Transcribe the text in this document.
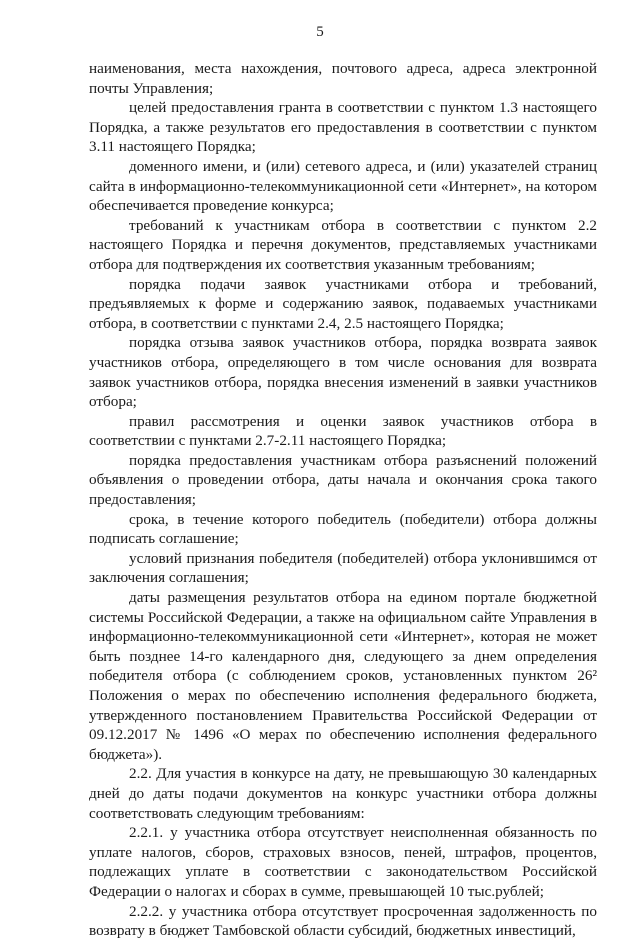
5

наименования, места нахождения, почтового адреса, адреса электронной почты Управления;

целей предоставления гранта в соответствии с пунктом 1.3 настоящего Порядка, а также результатов его предоставления в соответствии с пунктом 3.11 настоящего Порядка;

доменного имени, и (или) сетевого адреса, и (или) указателей страниц сайта в информационно-телекоммуникационной сети «Интернет», на котором обеспечивается проведение конкурса;

требований к участникам отбора в соответствии с пунктом 2.2 настоящего Порядка и перечня документов, представляемых участниками отбора для подтверждения их соответствия указанным требованиям;

порядка подачи заявок участниками отбора и требований, предъявляемых к форме и содержанию заявок, подаваемых участниками отбора, в соответствии с пунктами 2.4, 2.5 настоящего Порядка;

порядка отзыва заявок участников отбора, порядка возврата заявок участников отбора, определяющего в том числе основания для возврата заявок участников отбора, порядка внесения изменений в заявки участников отбора;

правил рассмотрения и оценки заявок участников отбора в соответствии с пунктами 2.7-2.11 настоящего Порядка;

порядка предоставления участникам отбора разъяснений положений объявления о проведении отбора, даты начала и окончания срока такого предоставления;

срока, в течение которого победитель (победители) отбора должны подписать соглашение;

условий признания победителя (победителей) отбора уклонившимся от заключения соглашения;

даты размещения результатов отбора на едином портале бюджетной системы Российской Федерации, а также на официальном сайте Управления в информационно-телекоммуникационной сети «Интернет», которая не может быть позднее 14-го календарного дня, следующего за днем определения победителя отбора (с соблюдением сроков, установленных пунктом 26² Положения о мерах по обеспечению исполнения федерального бюджета, утвержденного постановлением Правительства Российской Федерации от 09.12.2017 № 1496 «О мерах по обеспечению исполнения федерального бюджета»).

2.2. Для участия в конкурсе на дату, не превышающую 30 календарных дней до даты подачи документов на конкурс участники отбора должны соответствовать следующим требованиям:

2.2.1. у участника отбора отсутствует неисполненная обязанность по уплате налогов, сборов, страховых взносов, пеней, штрафов, процентов, подлежащих уплате в соответствии с законодательством Российской Федерации о налогах и сборах в сумме, превышающей 10 тыс.рублей;

2.2.2. у участника отбора отсутствует просроченная задолженность по возврату в бюджет Тамбовской области субсидий, бюджетных инвестиций,
